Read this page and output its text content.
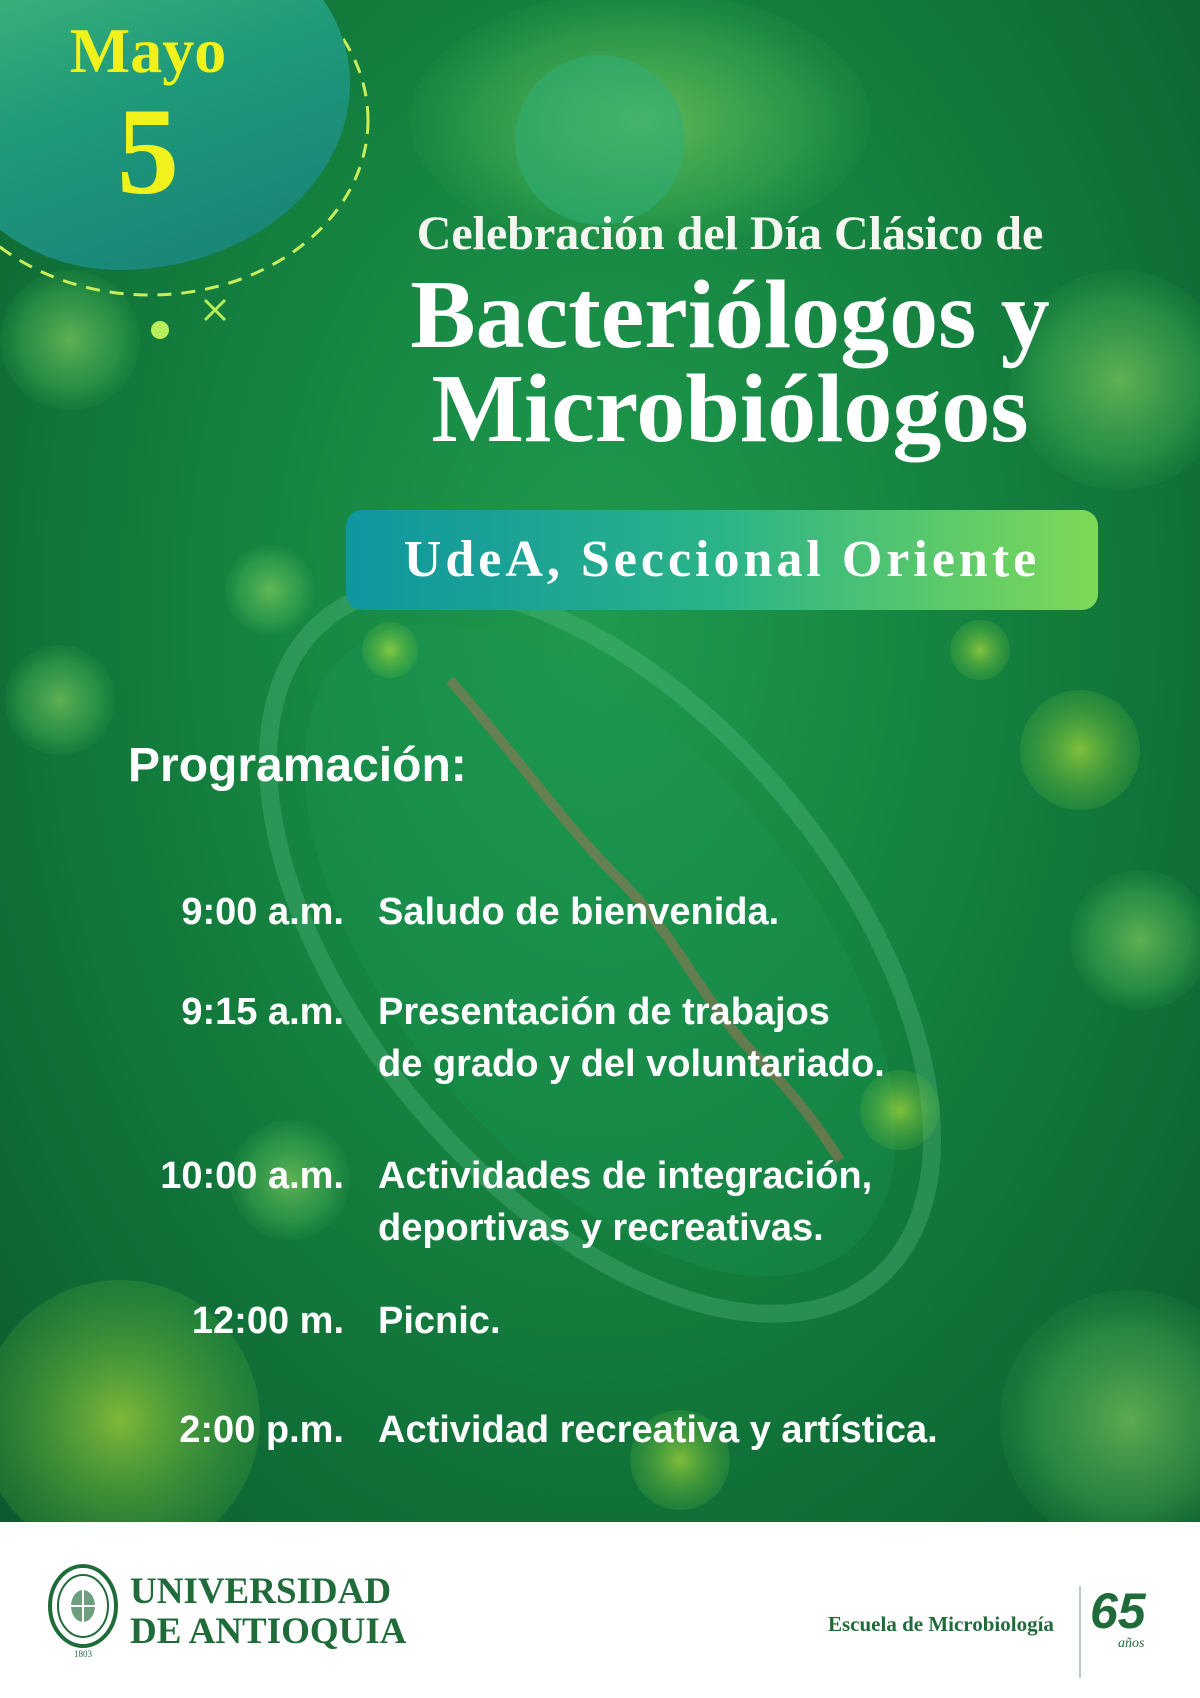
Mayo
5
Celebración del Día Clásico de
Bacteriólogos y
Microbiólogos
UdeA, Seccional Oriente
Programación:
9:00 a.m. Saludo de bienvenida.
9:15 a.m. Presentación de trabajos
de grado y del voluntariado.
10:00 a.m. Actividades de integración,
deportivas y recreativas.
12:00 m. Picnic.
2:00 p.m. Actividad recreativa y artística.
1803
UNIVERSIDAD
DE ANTIOQUIA	Escuela de Microbiología 65
años
